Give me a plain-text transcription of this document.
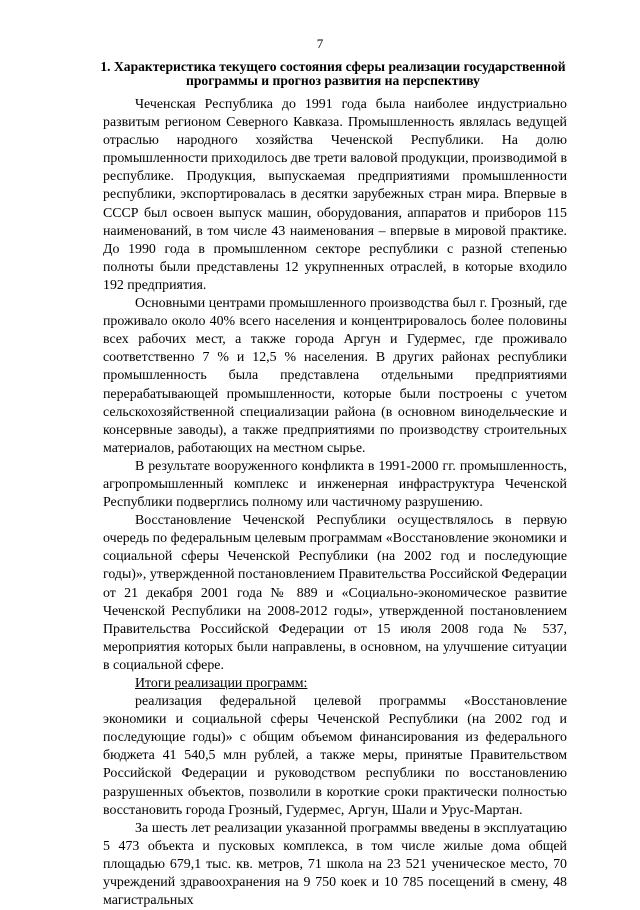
7
1. Характеристика текущего состояния сферы реализации государственной программы и прогноз развития на перспективу

Чеченская Республика до 1991 года была наиболее индустриально развитым регионом Северного Кавказа. Промышленность являлась ведущей отраслью народного хозяйства Чеченской Республики. На долю промышленности приходилось две трети валовой продукции, производимой в республике. Продукция, выпускаемая предприятиями промышленности республики, экспортировалась в десятки зарубежных стран мира. Впервые в СССР был освоен выпуск машин, оборудования, аппаратов и приборов 115 наименований, в том числе 43 наименования – впервые в мировой практике. До 1990 года в промышленном секторе республики с разной степенью полноты были представлены 12 укрупненных отраслей, в которые входило 192 предприятия.

Основными центрами промышленного производства был г. Грозный, где проживало около 40% всего населения и концентрировалось более половины всех рабочих мест, а также города Аргун и Гудермес, где проживало соответственно 7 % и 12,5 % населения. В других районах республики промышленность была представлена отдельными предприятиями перерабатывающей промышленности, которые были построены с учетом сельскохозяйственной специализации района (в основном винодельческие и консервные заводы), а также предприятиями по производству строительных материалов, работающих на местном сырье.

В результате вооруженного конфликта в 1991-2000 гг. промышленность, агропромышленный комплекс и инженерная инфраструктура Чеченской Республики подверглись полному или частичному разрушению.

Восстановление Чеченской Республики осуществлялось в первую очередь по федеральным целевым программам «Восстановление экономики и социальной сферы Чеченской Республики (на 2002 год и последующие годы)», утвержденной постановлением Правительства Российской Федерации от 21 декабря 2001 года № 889 и «Социально-экономическое развитие Чеченской Республики на 2008-2012 годы», утвержденной постановлением Правительства Российской Федерации от 15 июля 2008 года № 537, мероприятия которых были направлены, в основном, на улучшение ситуации в социальной сфере.

Итоги реализации программ:

реализация федеральной целевой программы «Восстановление экономики и социальной сферы Чеченской Республики (на 2002 год и последующие годы)» с общим объемом финансирования из федерального бюджета 41 540,5 млн рублей, а также меры, принятые Правительством Российской Федерации и руководством республики по восстановлению разрушенных объектов, позволили в короткие сроки практически полностью восстановить города Грозный, Гудермес, Аргун, Шали и Урус-Мартан.

За шесть лет реализации указанной программы введены в эксплуатацию 5 473 объекта и пусковых комплекса, в том числе жилые дома общей площадью 679,1 тыс. кв. метров, 71 школа на 23 521 ученическое место, 70 учреждений здравоохранения на 9 750 коек и 10 785 посещений в смену, 48 магистральных
